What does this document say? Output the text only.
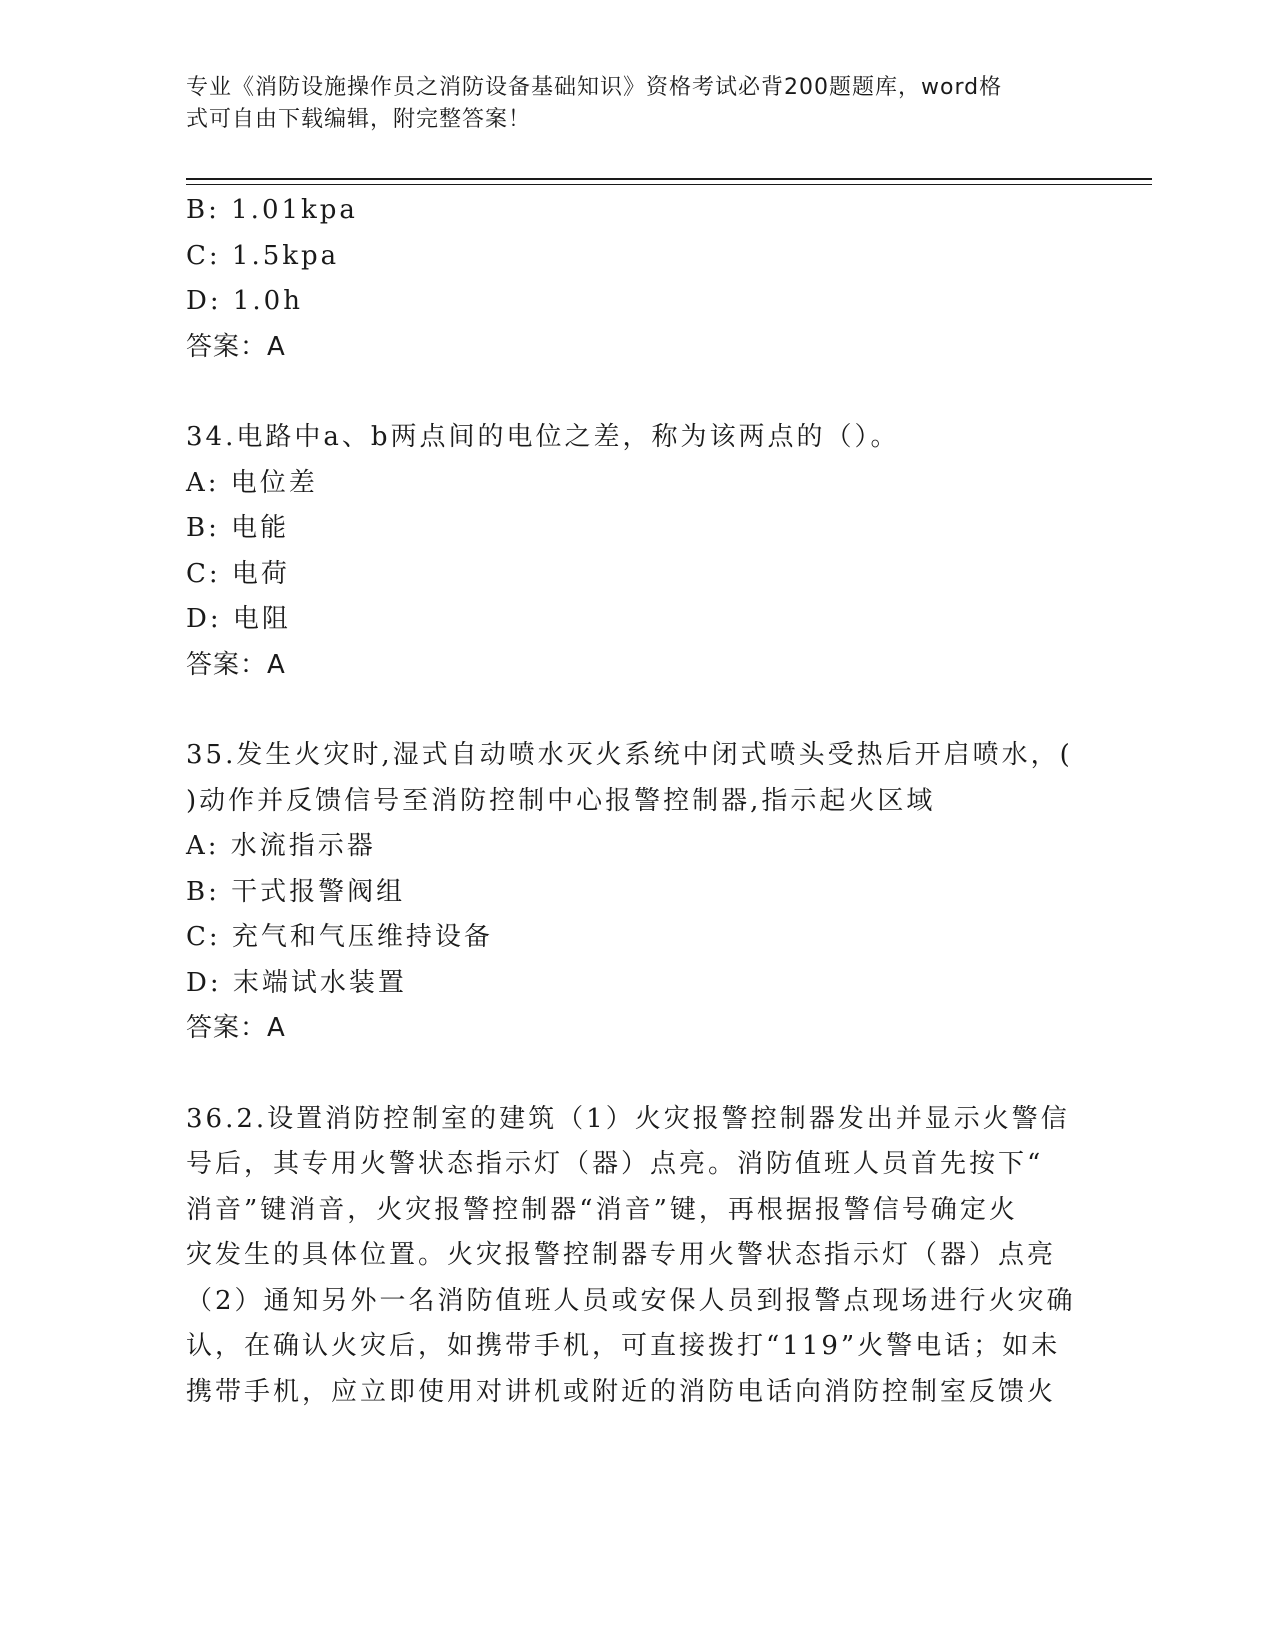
专业《消防设施操作员之消防设备基础知识》资格考试必背200题题库，word格
式可自由下载编辑，附完整答案！
B: 1.01kpa
C: 1.5kpa
D: 1.0h
答案：A
34.电路中a、b两点间的电位之差，称为该两点的（）。
A: 电位差
B: 电能
C: 电荷
D: 电阻
答案：A
35.发生火灾时,湿式自动喷水灭火系统中闭式喷头受热后开启喷水，(
)动作并反馈信号至消防控制中心报警控制器,指示起火区域
A: 水流指示器
B: 干式报警阀组
C: 充气和气压维持设备
D: 末端试水装置
答案：A
36.2.设置消防控制室的建筑（1）火灾报警控制器发出并显示火警信
号后，其专用火警状态指示灯（器）点亮。消防值班人员首先按下“
消音”键消音，火灾报警控制器“消音”键，再根据报警信号确定火
灾发生的具体位置。火灾报警控制器专用火警状态指示灯（器）点亮
（2）通知另外一名消防值班人员或安保人员到报警点现场进行火灾确
认，在确认火灾后，如携带手机，可直接拨打“119”火警电话；如未
携带手机，应立即使用对讲机或附近的消防电话向消防控制室反馈火
